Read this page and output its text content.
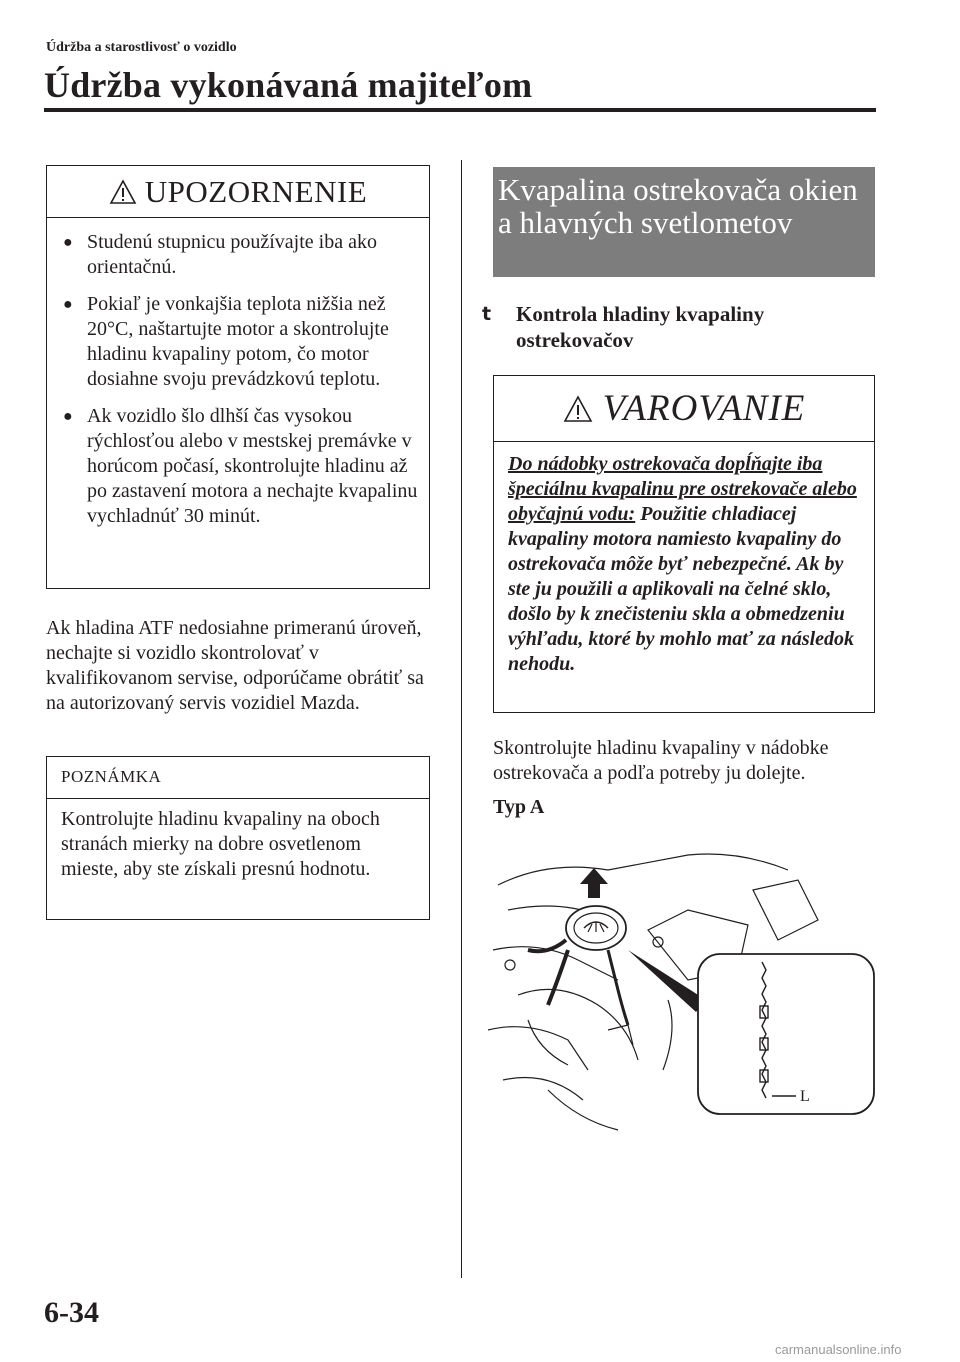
Údržba a starostlivosť o vozidlo
Údržba vykonávaná majiteľom
UPOZORNENIE
● Studenú stupnicu používajte iba ako orientačnú.
● Pokiaľ je vonkajšia teplota nižšia než 20°C, naštartujte motor a skontrolujte hladinu kvapaliny potom, čo motor dosiahne svoju prevádzkovú teplotu.
● Ak vozidlo šlo dlhší čas vysokou rýchlosťou alebo v mestskej premávke v horúcom počasí, skontrolujte hladinu až po zastavení motora a nechajte kvapalinu vychladnúť 30 minút.
Ak hladina ATF nedosiahne primeranú úroveň, nechajte si vozidlo skontrolovať v kvalifikovanom servise, odporúčame obrátiť sa na autorizovaný servis vozidiel Mazda.
POZNÁMKA
Kontrolujte hladinu kvapaliny na oboch stranách mierky na dobre osvetlenom mieste, aby ste získali presnú hodnotu.
Kvapalina ostrekovača okien a hlavných svetlometov
t	Kontrola hladiny kvapaliny ostrekovačov
VAROVANIE
Do nádobky ostrekovača dopĺňajte iba špeciálnu kvapalinu pre ostrekovače alebo obyčajnú vodu: Použitie chladiacej kvapaliny motora namiesto kvapaliny do ostrekovača môže byť nebezpečné. Ak by ste ju použili a aplikovali na čelné sklo, došlo by k znečisteniu skla a obmedzeniu výhľadu, ktoré by mohlo mať za následok nehodu.
Skontrolujte hladinu kvapaliny v nádobke ostrekovača a podľa potreby ju dolejte.
Typ A
L
6-34
carmanualsonline.info
